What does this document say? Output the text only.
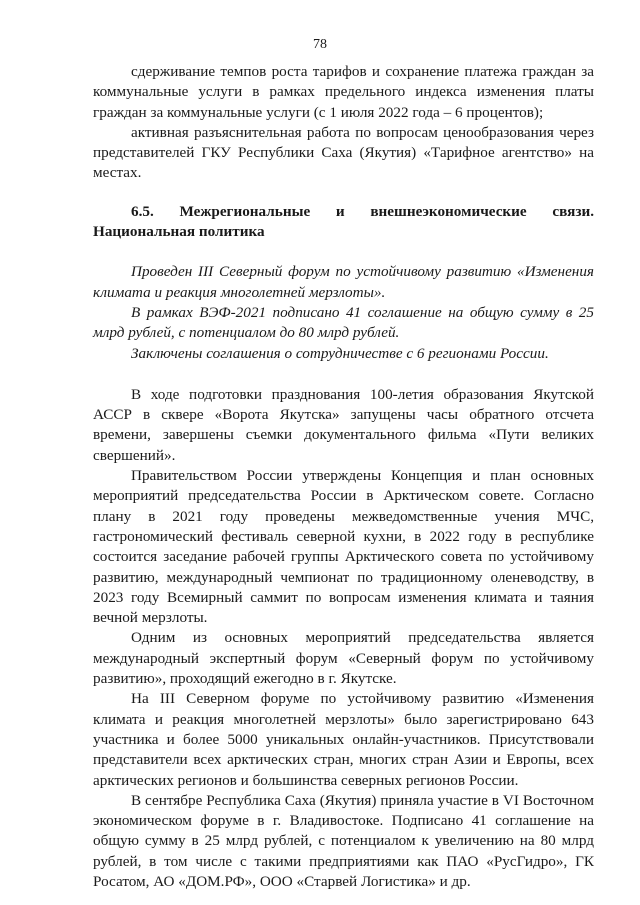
78

сдерживание темпов роста тарифов и сохранение платежа граждан за коммунальные услуги в рамках предельного индекса изменения платы граждан за коммунальные услуги (с 1 июля 2022 года – 6 процентов);

активная разъяснительная работа по вопросам ценообразования через представителей ГКУ Республики Саха (Якутия) «Тарифное агентство» на местах.

6.5. Межрегиональные и внешнеэкономические связи. Национальная политика

Проведен III Северный форум по устойчивому развитию «Изменения климата и реакция многолетней мерзлоты».

В рамках ВЭФ-2021 подписано 41 соглашение на общую сумму в 25 млрд рублей, с потенциалом до 80 млрд рублей.

Заключены соглашения о сотрудничестве с 6 регионами России.

В ходе подготовки празднования 100-летия образования Якутской АССР в сквере «Ворота Якутска» запущены часы обратного отсчета времени, завершены съемки документального фильма «Пути великих свершений».

Правительством России утверждены Концепция и план основных мероприятий председательства России в Арктическом совете. Согласно плану в 2021 году проведены межведомственные учения МЧС, гастрономический фестиваль северной кухни, в 2022 году в республике состоится заседание рабочей группы Арктического совета по устойчивому развитию, международный чемпионат по традиционному оленеводству, в 2023 году Всемирный саммит по вопросам изменения климата и таяния вечной мерзлоты.

Одним из основных мероприятий председательства является международный экспертный форум «Северный форум по устойчивому развитию», проходящий ежегодно в г. Якутске.

На III Северном форуме по устойчивому развитию «Изменения климата и реакция многолетней мерзлоты» было зарегистрировано 643 участника и более 5000 уникальных онлайн-участников. Присутствовали представители всех арктических стран, многих стран Азии и Европы, всех арктических регионов и большинства северных регионов России.

В сентябре Республика Саха (Якутия) приняла участие в VI Восточном экономическом форуме в г. Владивостоке. Подписано 41 соглашение на общую сумму в 25 млрд рублей, с потенциалом к увеличению на 80 млрд рублей, в том числе с такими предприятиями как ПАО «РусГидро», ГК Росатом, АО «ДОМ.РФ», ООО «Старвей Логистика» и др.
